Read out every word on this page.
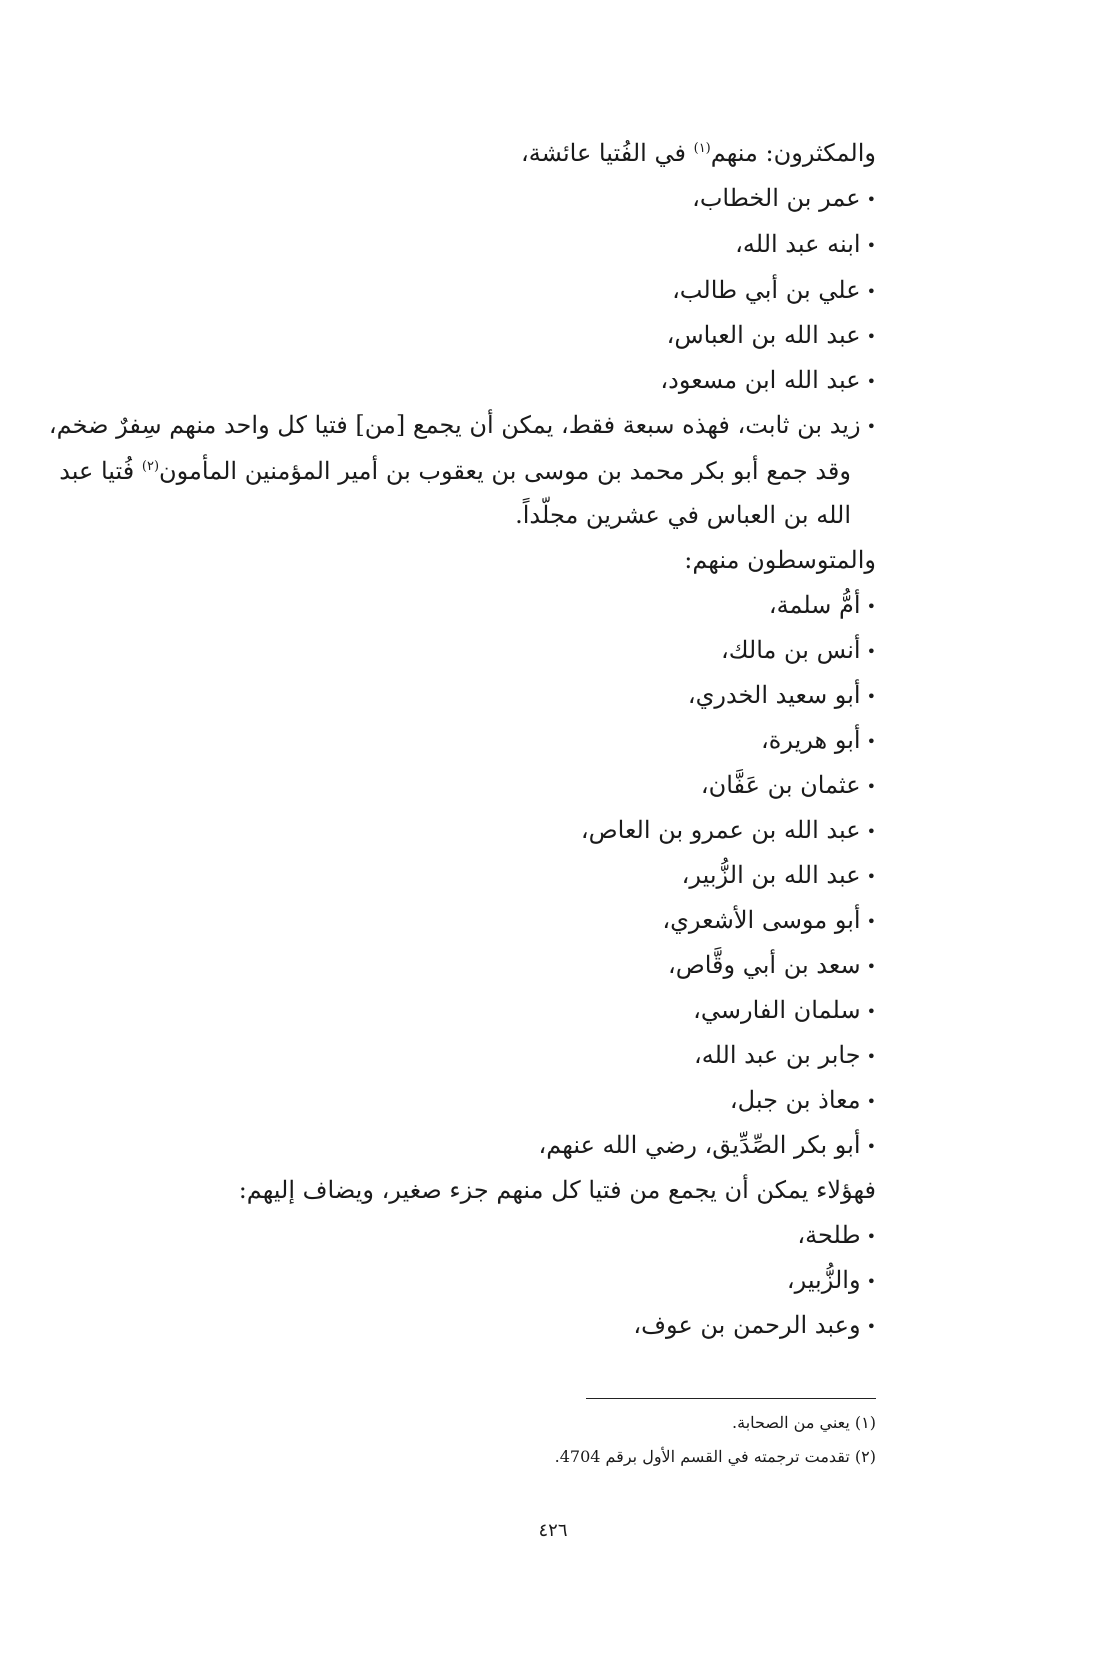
والمكثرون: منهم$^{(١)}$ في الفُتيا عائشة،
•عمر بن الخطاب،
•ابنه عبد الله،
•علي بن أبي طالب،
•عبد الله بن العباس،
•عبد الله ابن مسعود،
•زيد بن ثابت، فهذه سبعة فقط، يمكن أن يجمع [من] فتيا كل واحد منهم سِفرٌ ضخم،
وقد جمع أبو بكر محمد بن موسى بن يعقوب بن أمير المؤمنين المأمون$^{(٢)}$ فُتيا عبد
الله بن العباس في عشرين مجلّداً.
والمتوسطون منهم:
•أمُّ سلمة،
•أنس بن مالك،
•أبو سعيد الخدري،
•أبو هريرة،
•عثمان بن عَفَّان،
•عبد الله بن عمرو بن العاص،
•عبد الله بن الزُّبير،
•أبو موسى الأشعري،
•سعد بن أبي وقَّاص،
•سلمان الفارسي،
•جابر بن عبد الله،
•معاذ بن جبل،
•أبو بكر الصِّدِّيق، رضي الله عنهم،
فهؤلاء يمكن أن يجمع من فتيا كل منهم جزء صغير، ويضاف إليهم:
•طلحة،
•والزُّبير،
•وعبد الرحمن بن عوف،
(١) يعني من الصحابة.
(٢) تقدمت ترجمته في القسم الأول برقم 4704.
٤٢٦
